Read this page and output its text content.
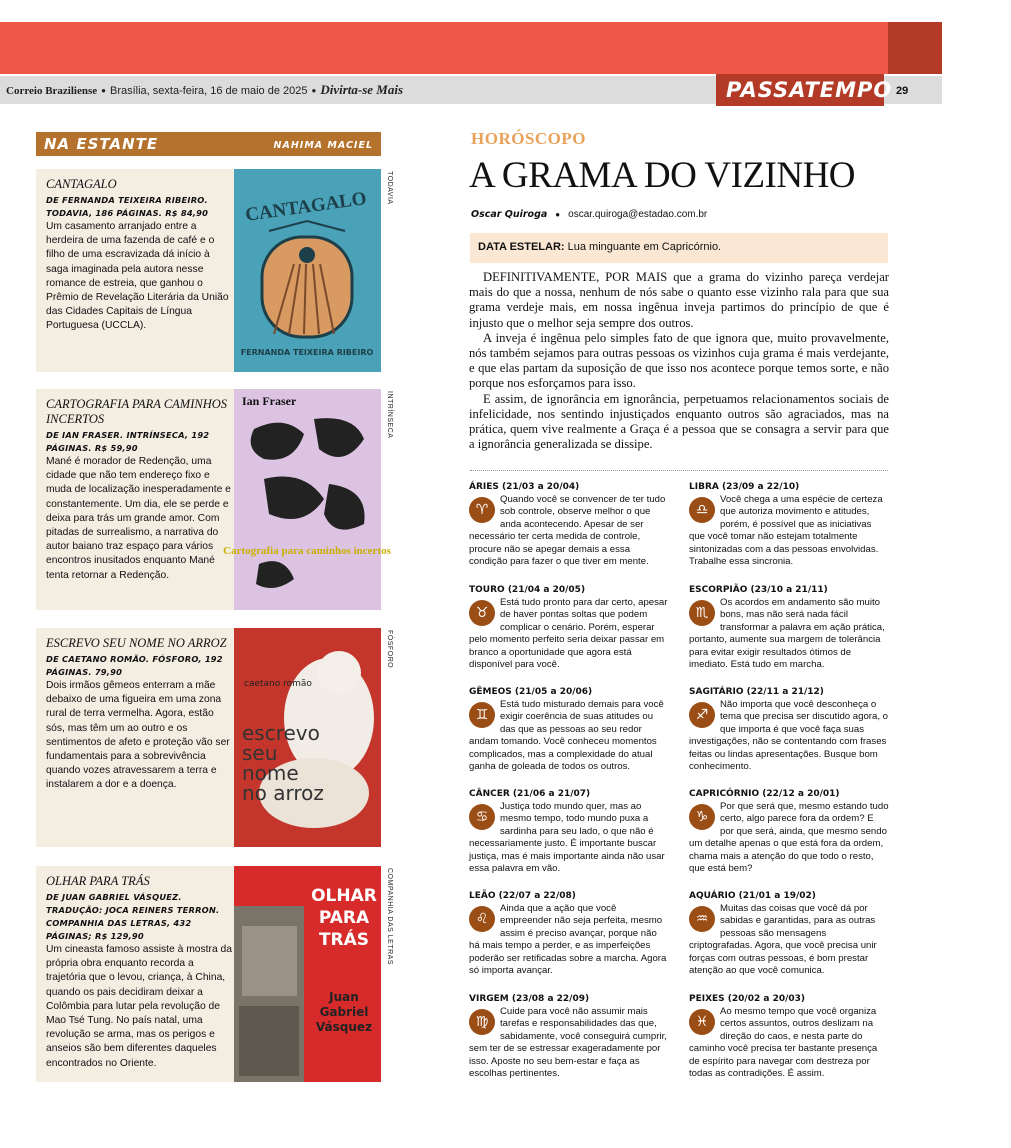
Correio Braziliense ● Brasília, sexta-feira, 16 de maio de 2025 ● Divirta-se Mais	PASSATEMPO 29
NA ESTANTE	NAHIMA MACIEL
CANTAGALO
DE FERNANDA TEIXEIRA RIBEIRO. TODAVIA, 186 PÁGINAS. R$ 84,90
Um casamento arranjado entre a herdeira de uma fazenda de café e o filho de uma escravizada dá início à saga imaginada pela autora nesse romance de estreia, que ganhou o Prêmio de Revelação Literária da União das Cidades Capitais de Língua Portuguesa (UCCLA).
CANTAGALO
FERNANDA TEIXEIRA RIBEIRO
TODAVIA
CARTOGRAFIA PARA CAMINHOS INCERTOS
DE IAN FRASER. INTRÍNSECA, 192 PÁGINAS. R$ 59,90
Mané é morador de Redenção, uma cidade que não tem endereço fixo e muda de localização inesperadamente e constantemente. Um dia, ele se perde e deixa para trás um grande amor. Com pitadas de surrealismo, a narrativa do autor baiano traz espaço para vários encontros inusitados enquanto Mané tenta retornar a Redenção.
Ian Fraser
Cartografia para caminhos incertos
INTRÍNSECA
ESCREVO SEU NOME NO ARROZ
DE CAETANO ROMÃO. FÓSFORO, 192 PÁGINAS. 79,90
Dois irmãos gêmeos enterram a mãe debaixo de uma figueira em uma zona rural de terra vermelha. Agora, estão sós, mas têm um ao outro e os sentimentos de afeto e proteção vão ser fundamentais para a sobrevivência quando vozes atravessarem a terra e instalarem a dor e a doença.
caetano romão
escrevo
seu
nome
no arroz
FÓSFORO
OLHAR PARA TRÁS
DE JUAN GABRIEL VÁSQUEZ. TRADUÇÃO: JOCA REINERS TERRON. COMPANHIA DAS LETRAS, 432 PÁGINAS; R$ 129,90
Um cineasta famoso assiste à mostra da própria obra enquanto recorda a trajetória que o levou, criança, à China, quando os pais decidiram deixar a Colômbia para lutar pela revolução de Mao Tsé Tung. No país natal, uma revolução se arma, mas os perigos e anseios são bem diferentes daqueles encontrados no Oriente.
OLHAR
PARA
TRÁS
Juan
Gabriel
Vásquez
COMPANHIA DAS LETRAS
HORÓSCOPO
A GRAMA DO VIZINHO
Oscar Quiroga ● oscar.quiroga@estadao.com.br
DATA ESTELAR: Lua minguante em Capricórnio.

DEFINITIVAMENTE, POR MAIS que a grama do vizinho pareça verdejar mais do que a nossa, nenhum de nós sabe o quanto esse vizinho rala para que sua grama verdeje mais, em nossa ingênua inveja partimos do princípio de que é injusto que o melhor seja sempre dos outros.

A inveja é ingênua pelo simples fato de que ignora que, muito provavelmente, nós também sejamos para outras pessoas os vizinhos cuja grama é mais verdejante, e que elas partam da suposição de que isso nos acontece porque temos sorte, e não porque nos esforçamos para isso.

E assim, de ignorância em ignorância, perpetuamos relacionamentos sociais de infelicidade, nos sentindo injustiçados enquanto outros são agraciados, mas na prática, quem vive realmente a Graça é a pessoa que se consagra a servir para que a ignorância generalizada se dissipe.

ÁRIES (21/03 a 20/04)
♈
Quando você se convencer de ter tudo sob controle, observe melhor o que anda acontecendo. Apesar de ser necessário ter certa medida de controle, procure não se apegar demais a essa condição para fazer o que tiver em mente.
TOURO (21/04 a 20/05)
♉
Está tudo pronto para dar certo, apesar de haver pontas soltas que podem complicar o cenário. Porém, esperar pelo momento perfeito seria deixar passar em branco a oportunidade que agora está disponível para você.
GÊMEOS (21/05 a 20/06)
♊
Está tudo misturado demais para você exigir coerência de suas atitudes ou das que as pessoas ao seu redor andam tomando. Você conheceu momentos complicados, mas a complexidade do atual ganha de goleada de todos os outros.
CÂNCER (21/06 a 21/07)
♋
Justiça todo mundo quer, mas ao mesmo tempo, todo mundo puxa a sardinha para seu lado, o que não é necessariamente justo. É importante buscar justiça, mas é mais importante ainda não usar essa palavra em vão.
LEÃO (22/07 a 22/08)
♌
Ainda que a ação que você empreender não seja perfeita, mesmo assim é preciso avançar, porque não há mais tempo a perder, e as imperfeições poderão ser retificadas sobre a marcha. Agora só importa avançar.
VIRGEM (23/08 a 22/09)
♍
Cuide para você não assumir mais tarefas e responsabilidades das que, sabidamente, você conseguirá cumprir, sem ter de se estressar exageradamente por isso. Aposte no seu bem-estar e faça as escolhas pertinentes.
LIBRA (23/09 a 22/10)
♎
Você chega a uma espécie de certeza que autoriza movimento e atitudes, porém, é possível que as iniciativas que você tomar não estejam totalmente sintonizadas com a das pessoas envolvidas. Trabalhe essa sincronia.
ESCORPIÃO (23/10 a 21/11)
♏
Os acordos em andamento são muito bons, mas não será nada fácil transformar a palavra em ação prática, portanto, aumente sua margem de tolerância para evitar exigir resultados ótimos de imediato. Está tudo em marcha.
SAGITÁRIO (22/11 a 21/12)
♐
Não importa que você desconheça o tema que precisa ser discutido agora, o que importa é que você faça suas investigações, não se contentando com frases feitas ou lindas apresentações. Busque bom conhecimento.
CAPRICÓRNIO (22/12 a 20/01)
♑
Por que será que, mesmo estando tudo certo, algo parece fora da ordem? E por que será, ainda, que mesmo sendo um detalhe apenas o que está fora da ordem, chama mais a atenção do que todo o resto, que está bem?
AQUÁRIO (21/01 a 19/02)
♒
Muitas das coisas que você dá por sabidas e garantidas, para as outras pessoas são mensagens criptografadas. Agora, que você precisa unir forças com outras pessoas, é bom prestar atenção ao que você comunica.
PEIXES (20/02 a 20/03)
♓
Ao mesmo tempo que você organiza certos assuntos, outros deslizam na direção do caos, e nesta parte do caminho você precisa ter bastante presença de espírito para navegar com destreza por todas as contradições. É assim.
